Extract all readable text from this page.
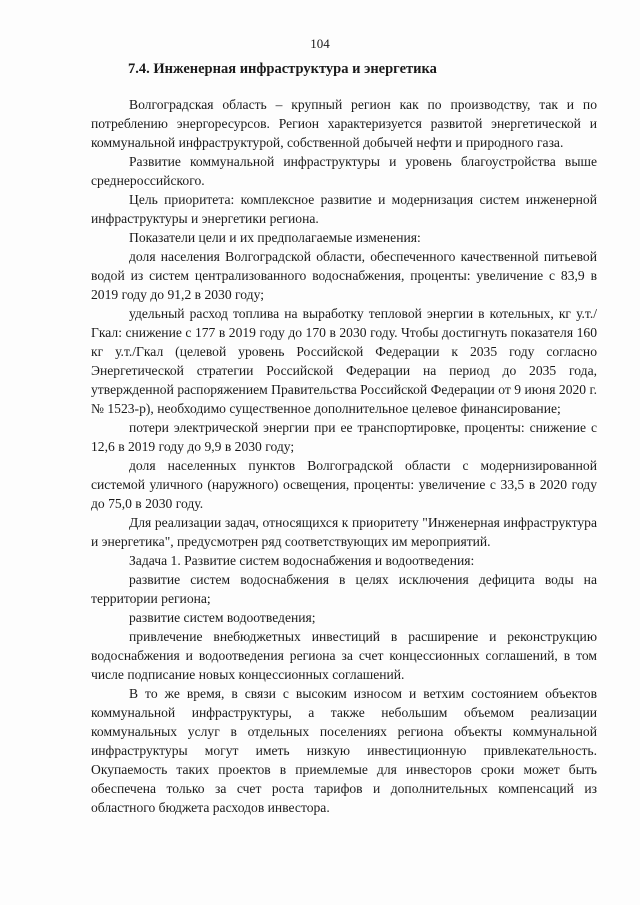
104
7.4. Инженерная инфраструктура и энергетика

Волгоградская область – крупный регион как по производству, так и по потреблению энергоресурсов. Регион характеризуется развитой энергетической и коммунальной инфраструктурой, собственной добычей нефти и природного газа.

Развитие коммунальной инфраструктуры и уровень благоустройства выше среднероссийского.

Цель приоритета: комплексное развитие и модернизация систем инженерной инфраструктуры и энергетики региона.

Показатели цели и их предполагаемые изменения:

доля населения Волгоградской области, обеспеченного качественной питьевой водой из систем централизованного водоснабжения, проценты: увеличение с 83,9 в 2019 году до 91,2 в 2030 году;

удельный расход топлива на выработку тепловой энергии в котельных, кг у.т./Гкал: снижение с 177 в 2019 году до 170 в 2030 году. Чтобы достигнуть показателя 160 кг у.т./Гкал (целевой уровень Российской Федерации к 2035 году согласно Энергетической стратегии Российской Федерации на период до 2035 года, утвержденной распоряжением Правительства Российской Федерации от 9 июня 2020 г. № 1523-р), необходимо существенное дополнительное целевое финансирование;

потери электрической энергии при ее транспортировке, проценты: снижение с 12,6 в 2019 году до 9,9 в 2030 году;

доля населенных пунктов Волгоградской области с модернизированной системой уличного (наружного) освещения, проценты: увеличение с 33,5 в 2020 году до 75,0 в 2030 году.

Для реализации задач, относящихся к приоритету "Инженерная инфраструктура и энергетика", предусмотрен ряд соответствующих им мероприятий.

Задача 1. Развитие систем водоснабжения и водоотведения:

развитие систем водоснабжения в целях исключения дефицита воды на территории региона;

развитие систем водоотведения;

привлечение внебюджетных инвестиций в расширение и реконструкцию водоснабжения и водоотведения региона за счет концессионных соглашений, в том числе подписание новых концессионных соглашений.

В то же время, в связи с высоким износом и ветхим состоянием объектов коммунальной инфраструктуры, а также небольшим объемом реализации коммунальных услуг в отдельных поселениях региона объекты коммунальной инфраструктуры могут иметь низкую инвестиционную привлекательность. Окупаемость таких проектов в приемлемые для инвесторов сроки может быть обеспечена только за счет роста тарифов и дополнительных компенсаций из областного бюджета расходов инвестора.
